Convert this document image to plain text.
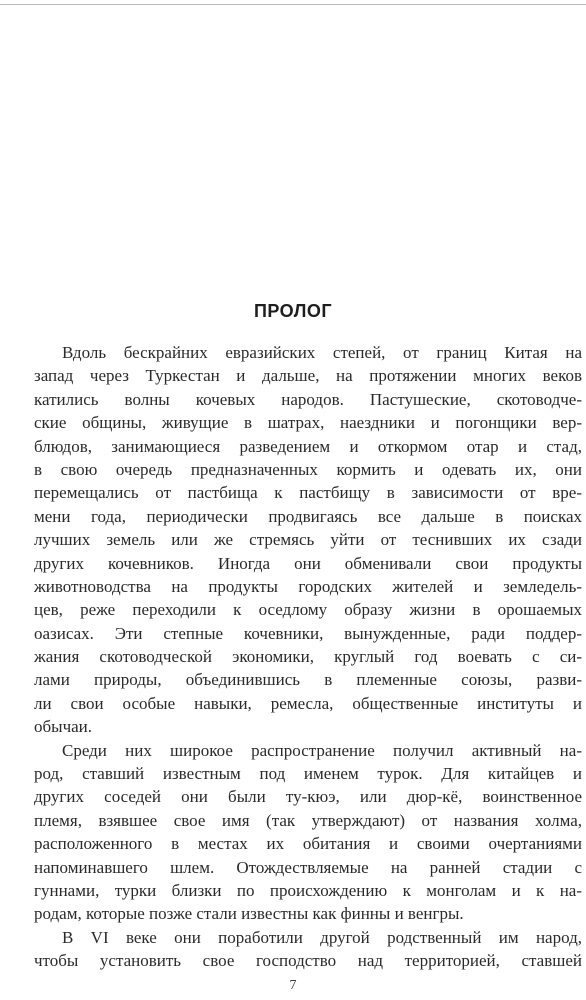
ПРОЛОГ
Вдоль бескрайних евразийских степей, от границ Китая на
запад через Туркестан и дальше, на протяжении многих веков
катились волны кочевых народов. Пастушеские, скотоводче-
ские общины, живущие в шатрах, наездники и погонщики вер-
блюдов, занимающиеся разведением и откормом отар и стад,
в свою очередь предназначенных кормить и одевать их, они
перемещались от пастбища к пастбищу в зависимости от вре-
мени года, периодически продвигаясь все дальше в поисках
лучших земель или же стремясь уйти от теснивших их сзади
других кочевников. Иногда они обменивали свои продукты
животноводства на продукты городских жителей и земледель-
цев, реже переходили к оседлому образу жизни в орошаемых
оазисах. Эти степные кочевники, вынужденные, ради поддер-
жания скотоводческой экономики, круглый год воевать с си-
лами природы, объединившись в племенные союзы, разви-
ли свои особые навыки, ремесла, общественные институты и
обычаи.
Среди них широкое распространение получил активный на-
род, ставший известным под именем турок. Для китайцев и
других соседей они были ту-кюэ, или дюр-кё, воинственное
племя, взявшее свое имя (так утверждают) от названия холма,
расположенного в местах их обитания и своими очертаниями
напоминавшего шлем. Отождествляемые на ранней стадии с
гуннами, турки близки по происхождению к монголам и к на-
родам, которые позже стали известны как финны и венгры.
В VI веке они поработили другой родственный им народ,
чтобы установить свое господство над территорией, ставшей
7
